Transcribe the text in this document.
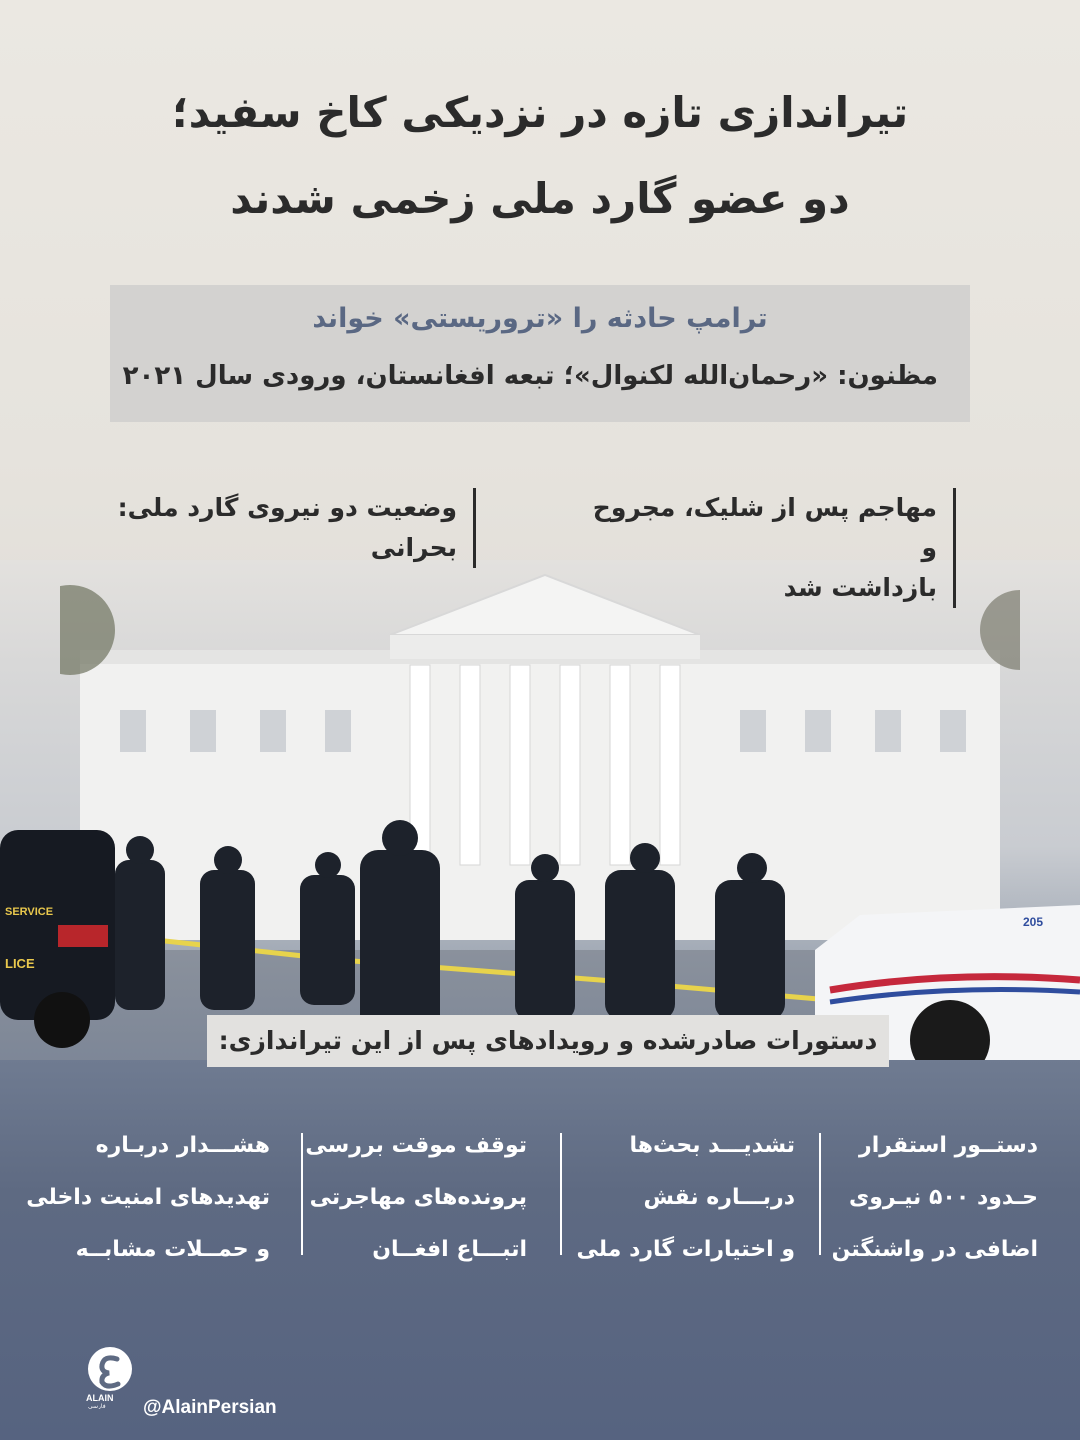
SERVICE
LICE
205
تیراندازی تازه در نزدیکی کاخ سفید؛
دو عضو گارد ملی زخمی شدند
ترامپ حادثه را «تروریستی» خواند
مظنون: «رحمان‌الله لکنوال»؛ تبعه افغانستان، ورودی سال ۲۰۲۱
مهاجم پس از شلیک، مجروح و
بازداشت شد
وضعیت دو نیروی گارد ملی:
بحرانی
دستورات صادرشده و رویدادهای پس از این تیراندازی:
دستــور استقرار
حـدود ۵۰۰ نیـروی
اضافی در واشنگتن
تشدیـــد بحث‌ها
دربـــاره نقش
و اختیارات گارد ملی
توقف موقت بررسی
پرونده‌های مهاجرتی
اتبـــاع افغــان
هشـــدار دربـاره
تهدیدهای امنیت داخلی
و حمــلات مشابــه
ALAIN
فارسی @AlainPersian
